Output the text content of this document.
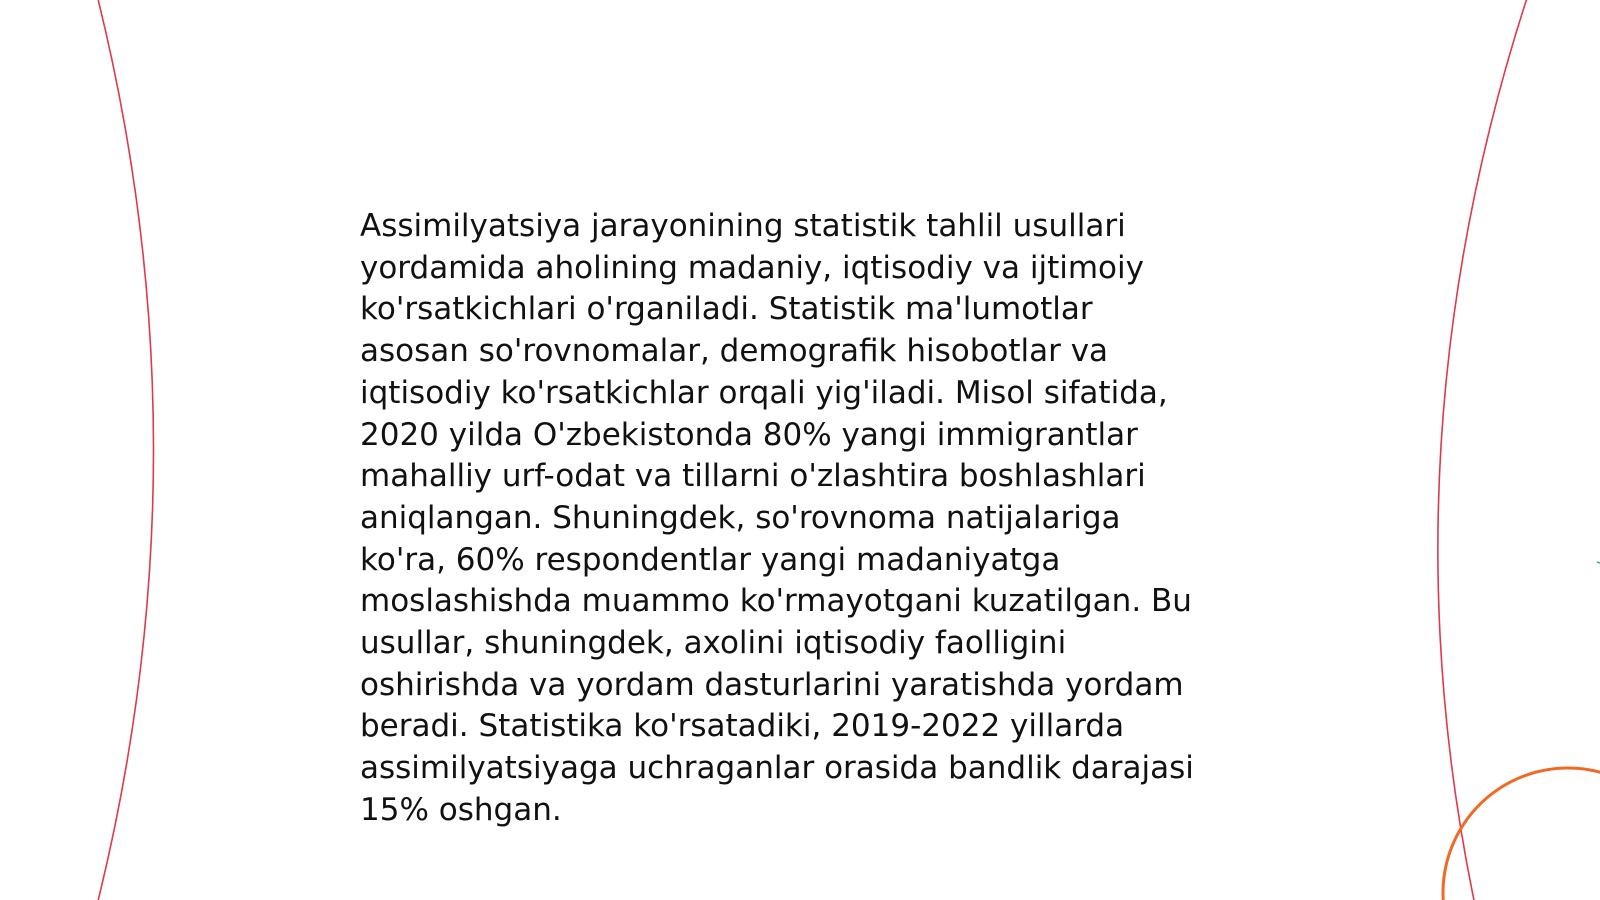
Assimilyatsiya jarayonining statistik tahlil usullari
yordamida aholining madaniy, iqtisodiy va ijtimoiy
ko'rsatkichlari o'rganiladi. Statistik ma'lumotlar
asosan so'rovnomalar, demografik hisobotlar va
iqtisodiy ko'rsatkichlar orqali yig'iladi. Misol sifatida,
2020 yilda O'zbekistonda 80% yangi immigrantlar
mahalliy urf-odat va tillarni o'zlashtira boshlashlari
aniqlangan. Shuningdek, so'rovnoma natijalariga
ko'ra, 60% respondentlar yangi madaniyatga
moslashishda muammo ko'rmayotgani kuzatilgan. Bu
usullar, shuningdek, axolini iqtisodiy faolligini
oshirishda va yordam dasturlarini yaratishda yordam
beradi. Statistika ko'rsatadiki, 2019-2022 yillarda
assimilyatsiyaga uchraganlar orasida bandlik darajasi
15% oshgan.
